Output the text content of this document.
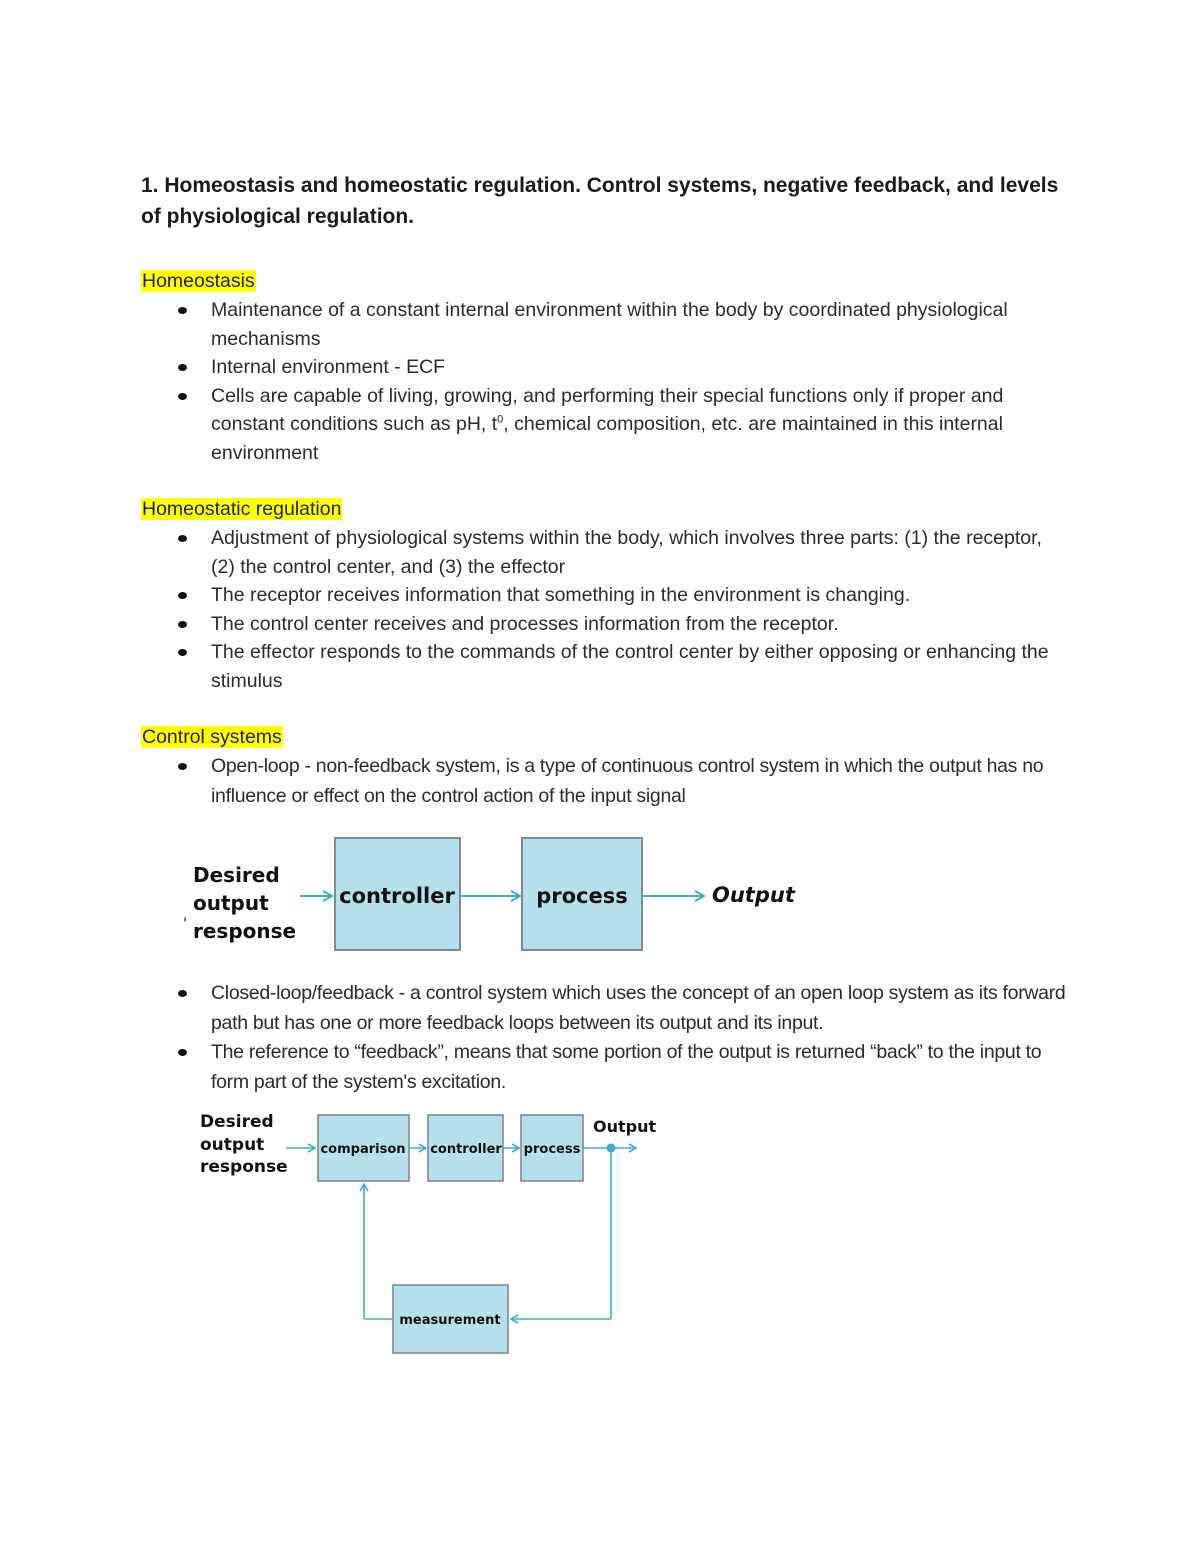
1. Homeostasis and homeostatic regulation. Control systems, negative feedback, and levels of physiological regulation.

Homeostasis

Maintenance of a constant internal environment within the body by coordinated physiological mechanisms
Internal environment - ECF
Cells are capable of living, growing, and performing their special functions only if proper and constant conditions such as pH, $t^0$, chemical composition, etc. are maintained in this internal environment

Homeostatic regulation

Adjustment of physiological systems within the body, which involves three parts: (1) the receptor, (2) the control center, and (3) the effector
The receptor receives information that something in the environment is changing.
The control center receives and processes information from the receptor.
The effector responds to the commands of the control center by either opposing or enhancing the stimulus

Control systems

Open-loop - non-feedback system, is a type of continuous control system in which the output has no influence or effect on the control action of the input signal
Desired
output
response
'
controller	process	Output
Closed-loop/feedback - a control system which uses the concept of an open loop system as its forward path but has one or more feedback loops between its output and its input.
The reference to “feedback”, means that some portion of the output is returned “back” to the input to form part of the system's excitation.
Desired
output
response
comparison controller process
Output
measurement
